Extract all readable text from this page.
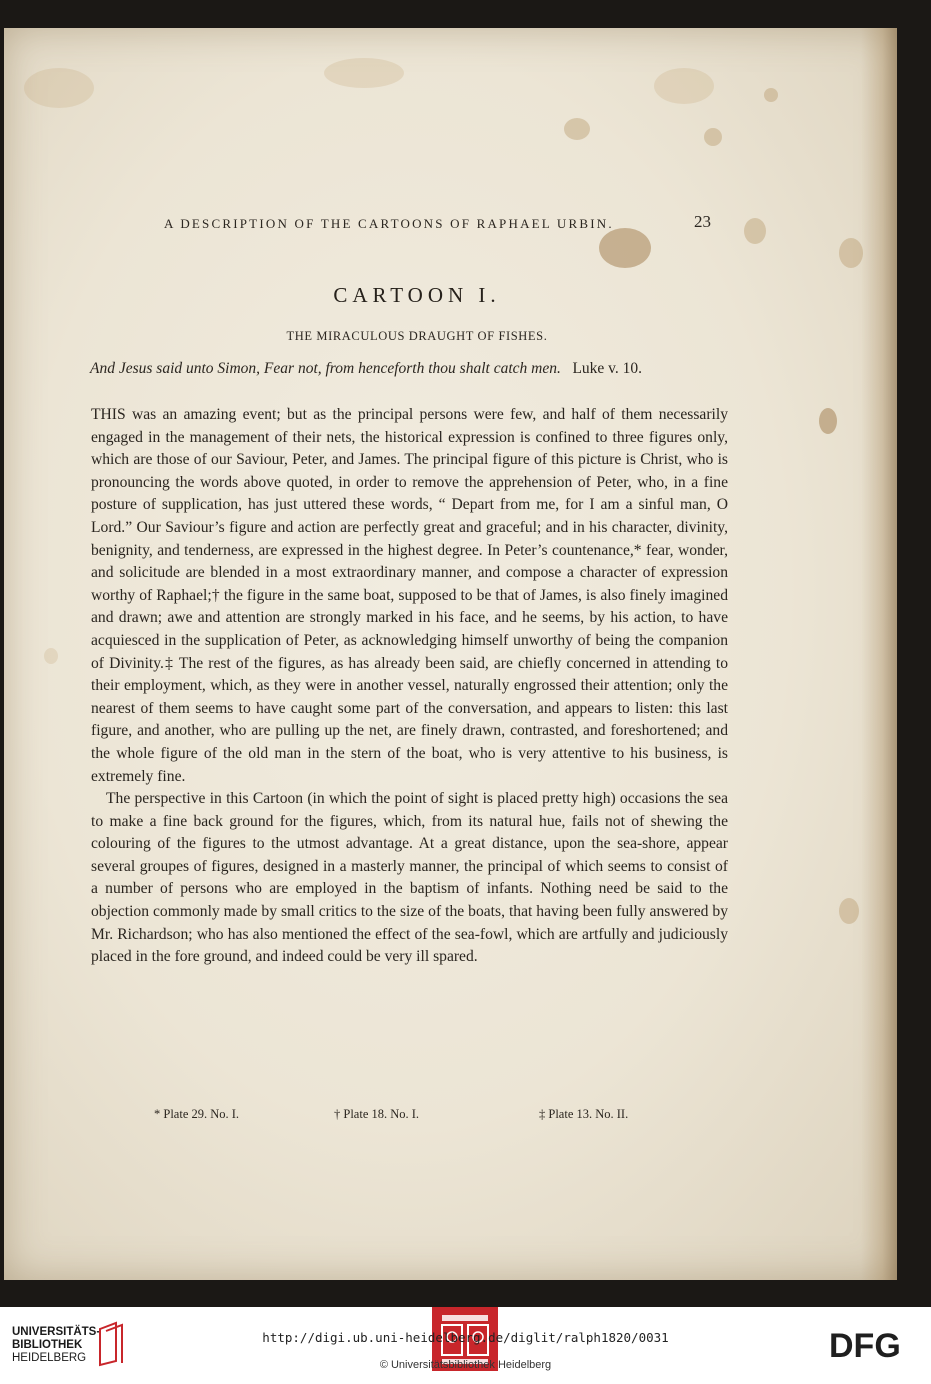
A DESCRIPTION OF THE CARTOONS OF RAPHAEL URBIN.	23
CARTOON I.
THE MIRACULOUS DRAUGHT OF FISHES.
And Jesus said unto Simon, Fear not, from henceforth thou shalt catch men. Luke v. 10.

THIS was an amazing event; but as the principal persons were few, and half of them necessarily engaged in the management of their nets, the historical expression is confined to three figures only, which are those of our Saviour, Peter, and James. The principal figure of this picture is Christ, who is pronouncing the words above quoted, in order to remove the apprehension of Peter, who, in a fine posture of supplication, has just uttered these words, “ Depart from me, for I am a sinful man, O Lord.” Our Saviour’s figure and action are perfectly great and graceful; and in his character, divinity, benignity, and tenderness, are expressed in the highest degree. In Peter’s countenance,* fear, wonder, and solicitude are blended in a most extraordinary manner, and compose a character of expression worthy of Raphael;† the figure in the same boat, supposed to be that of James, is also finely imagined and drawn; awe and attention are strongly marked in his face, and he seems, by his action, to have acquiesced in the supplication of Peter, as acknowledging himself unworthy of being the companion of Divinity.‡ The rest of the figures, as has already been said, are chiefly concerned in attending to their employment, which, as they were in another vessel, naturally engrossed their attention; only the nearest of them seems to have caught some part of the conversation, and appears to listen: this last figure, and another, who are pulling up the net, are finely drawn, contrasted, and foreshortened; and the whole figure of the old man in the stern of the boat, who is very attentive to his business, is extremely fine.

The perspective in this Cartoon (in which the point of sight is placed pretty high) occasions the sea to make a fine back ground for the figures, which, from its natural hue, fails not of shewing the colouring of the figures to the utmost advantage. At a great distance, upon the sea-shore, appear several groupes of figures, designed in a masterly manner, the principal of which seems to consist of a number of persons who are employed in the baptism of infants. Nothing need be said to the objection commonly made by small critics to the size of the boats, that having been fully answered by Mr. Richardson; who has also mentioned the effect of the sea-fowl, which are artfully and judiciously placed in the fore ground, and indeed could be very ill spared.

* Plate 29. No. I.	† Plate 18. No. I.	‡ Plate 13. No. II.
UNIVERSITÄTS-
BIBLIOTHEK
HEIDELBERG	DFG
http://digi.ub.uni-heidelberg.de/diglit/ralph1820/0031
© Universitätsbibliothek Heidelberg
